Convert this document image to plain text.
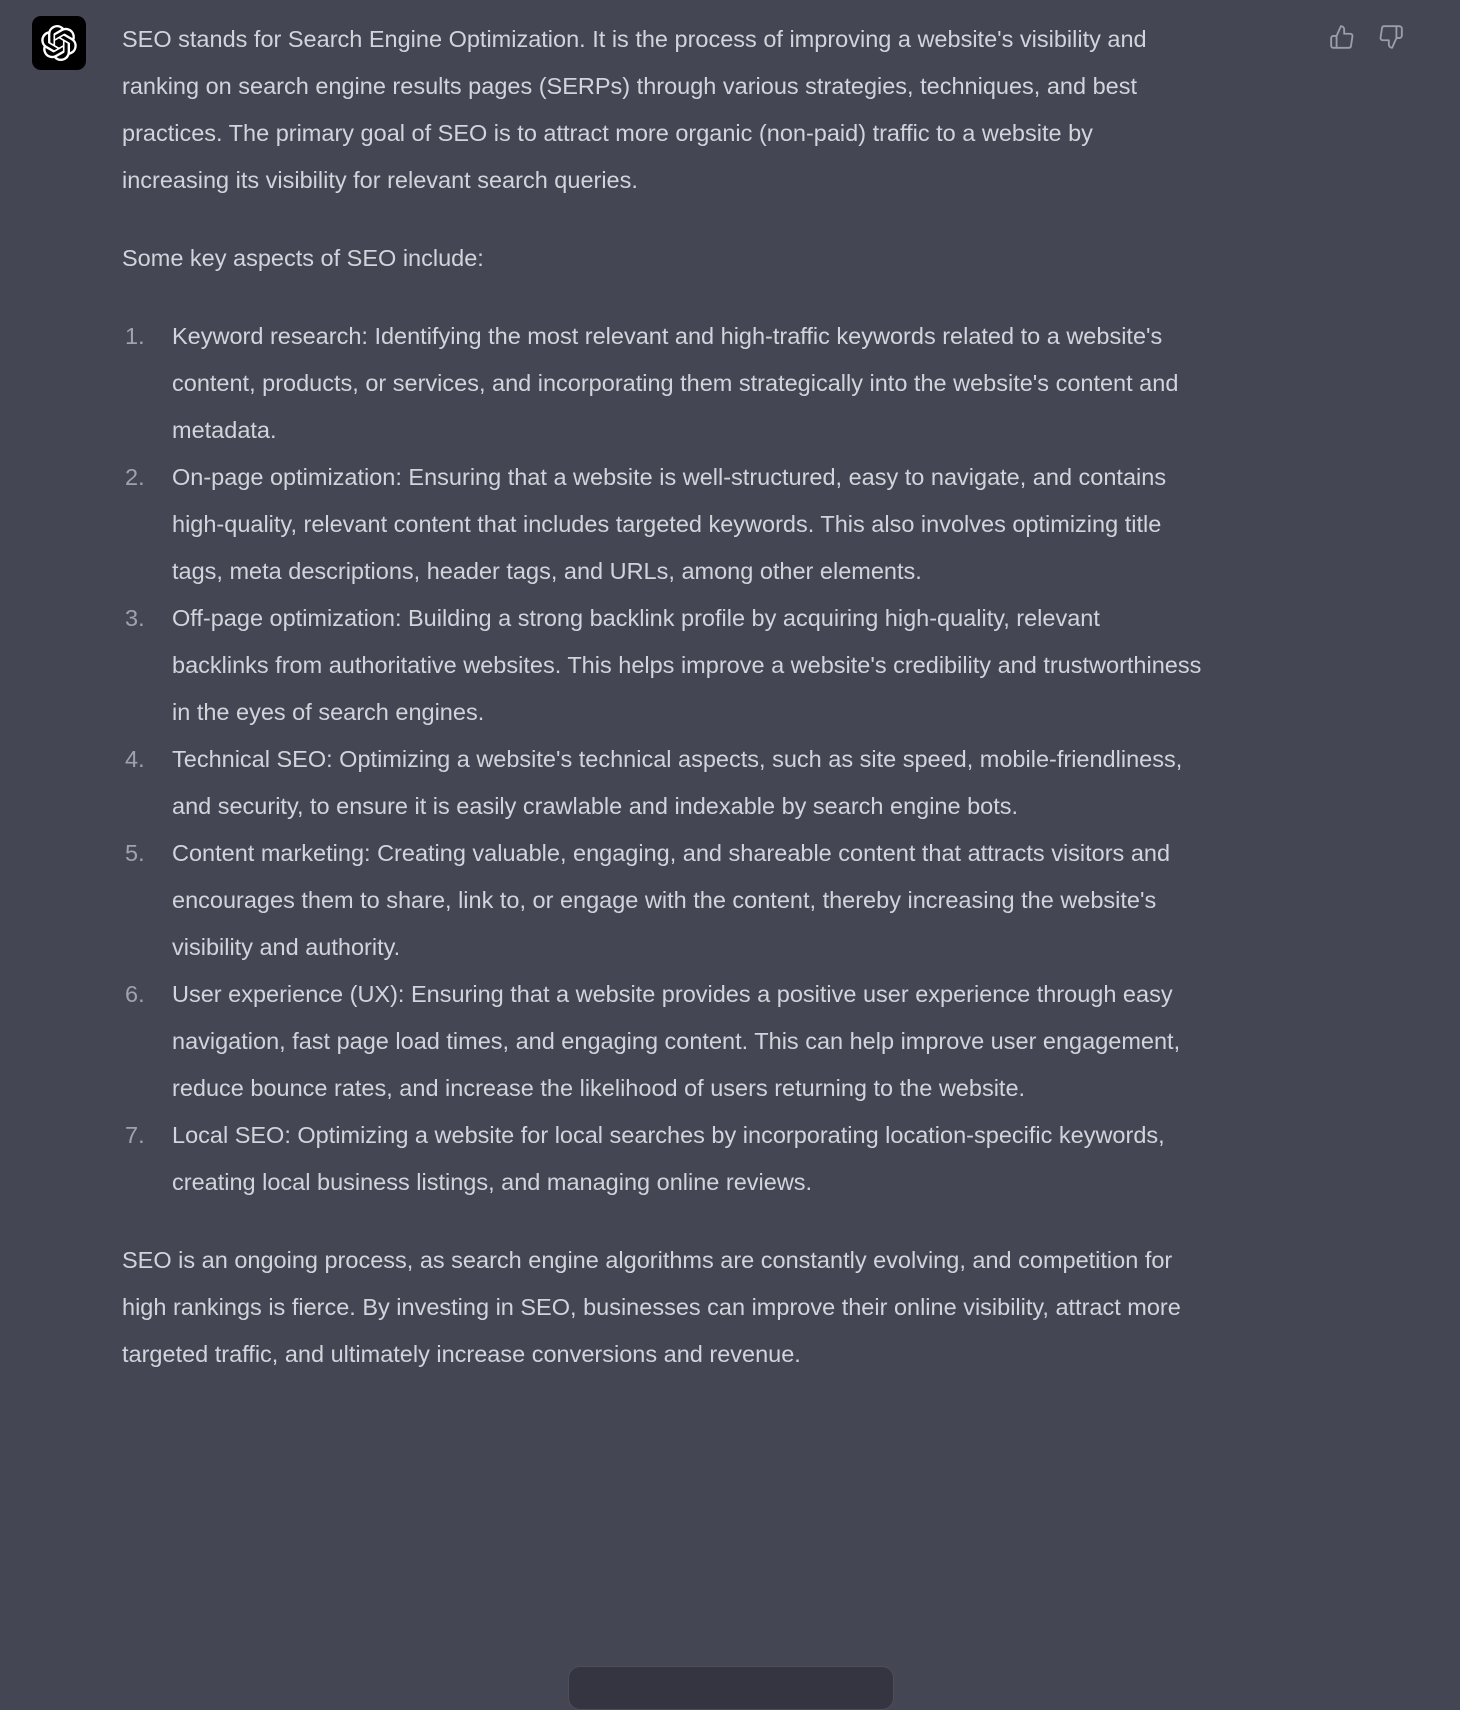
SEO stands for Search Engine Optimization. It is the process of improving a website's visibility and ranking on search engine results pages (SERPs) through various strategies, techniques, and best practices. The primary goal of SEO is to attract more organic (non-paid) traffic to a website by increasing its visibility for relevant search queries.

Some key aspects of SEO include:

1.	Keyword research: Identifying the most relevant and high-traffic keywords related to a website's content, products, or services, and incorporating them strategically into the website's content and metadata.
2.	On-page optimization: Ensuring that a website is well-structured, easy to navigate, and contains high-quality, relevant content that includes targeted keywords. This also involves optimizing title tags, meta descriptions, header tags, and URLs, among other elements.
3.	Off-page optimization: Building a strong backlink profile by acquiring high-quality, relevant backlinks from authoritative websites. This helps improve a website's credibility and trustworthiness in the eyes of search engines.
4.	Technical SEO: Optimizing a website's technical aspects, such as site speed, mobile-friendliness, and security, to ensure it is easily crawlable and indexable by search engine bots.
5.	Content marketing: Creating valuable, engaging, and shareable content that attracts visitors and encourages them to share, link to, or engage with the content, thereby increasing the website's visibility and authority.
6.	User experience (UX): Ensuring that a website provides a positive user experience through easy navigation, fast page load times, and engaging content. This can help improve user engagement, reduce bounce rates, and increase the likelihood of users returning to the website.
7.	Local SEO: Optimizing a website for local searches by incorporating location-specific keywords, creating local business listings, and managing online reviews.

SEO is an ongoing process, as search engine algorithms are constantly evolving, and competition for high rankings is fierce. By investing in SEO, businesses can improve their online visibility, attract more targeted traffic, and ultimately increase conversions and revenue.
